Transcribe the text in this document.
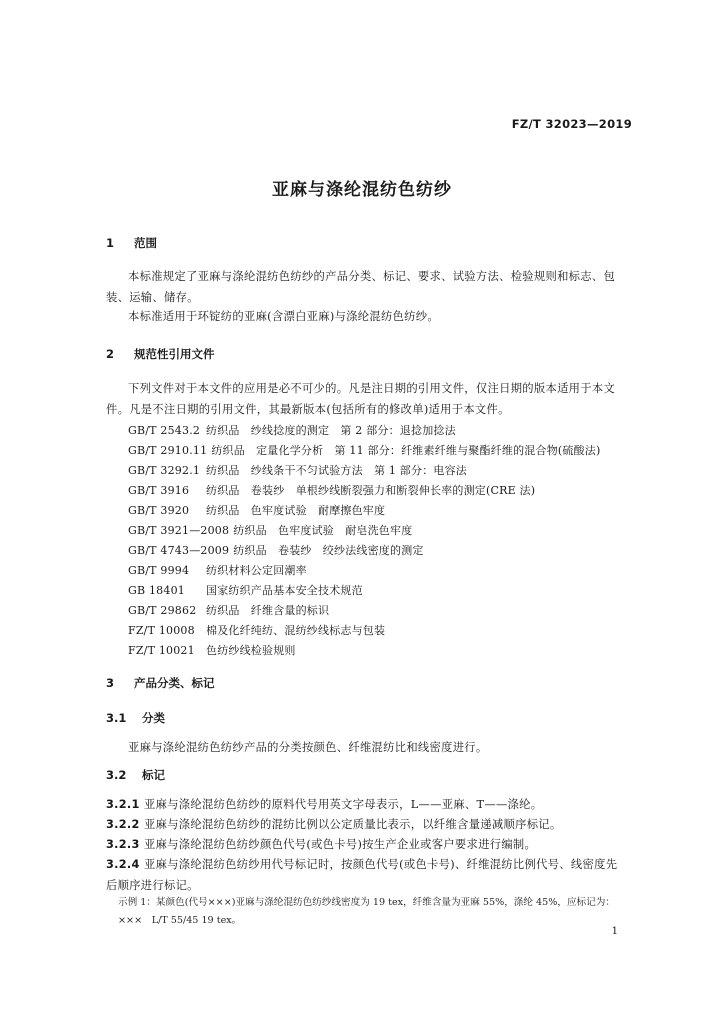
FZ/T 32023—2019
亚麻与涤纶混纺色纺纱
1 范围
本标准规定了亚麻与涤纶混纺色纺纱的产品分类、标记、要求、试验方法、检验规则和标志、包装、运输、储存。
本标准适用于环锭纺的亚麻(含漂白亚麻)与涤纶混纺色纺纱。
2 规范性引用文件
下列文件对于本文件的应用是必不可少的。凡是注日期的引用文件，仅注日期的版本适用于本文件。凡是不注日期的引用文件，其最新版本(包括所有的修改单)适用于本文件。
GB/T 2543.2 纺织品　纱线捻度的测定　第 2 部分：退捻加捻法
GB/T 2910.11 纺织品　定量化学分析　第 11 部分：纤维素纤维与聚酯纤维的混合物(硫酸法)
GB/T 3292.1 纺织品　纱线条干不匀试验方法　第 1 部分：电容法
GB/T 3916 纺织品　卷装纱　单根纱线断裂强力和断裂伸长率的测定(CRE 法)
GB/T 3920 纺织品　色牢度试验　耐摩擦色牢度
GB/T 3921—2008 纺织品　色牢度试验　耐皂洗色牢度
GB/T 4743—2009 纺织品　卷装纱　绞纱法线密度的测定
GB/T 9994 纺织材料公定回潮率
GB 18401 国家纺织产品基本安全技术规范
GB/T 29862 纺织品　纤维含量的标识
FZ/T 10008 棉及化纤纯纺、混纺纱线标志与包装
FZ/T 10021 色纺纱线检验规则
3 产品分类、标记
3.1 分类
亚麻与涤纶混纺色纺纱产品的分类按颜色、纤维混纺比和线密度进行。
3.2 标记
3.2.1 亚麻与涤纶混纺色纺纱的原料代号用英文字母表示，L——亚麻、T——涤纶。
3.2.2 亚麻与涤纶混纺色纺纱的混纺比例以公定质量比表示，以纤维含量递减顺序标记。
3.2.3 亚麻与涤纶混纺色纺纱颜色代号(或色卡号)按生产企业或客户要求进行编制。
3.2.4 亚麻与涤纶混纺色纺纱用代号标记时，按颜色代号(或色卡号)、纤维混纺比例代号、线密度先后顺序进行标记。
示例 1：某颜色(代号×××)亚麻与涤纶混纺色纺纱线密度为 19 tex，纤维含量为亚麻 55%，涤纶 45%，应标记为：×××　L/T 55/45 19 tex。
1
